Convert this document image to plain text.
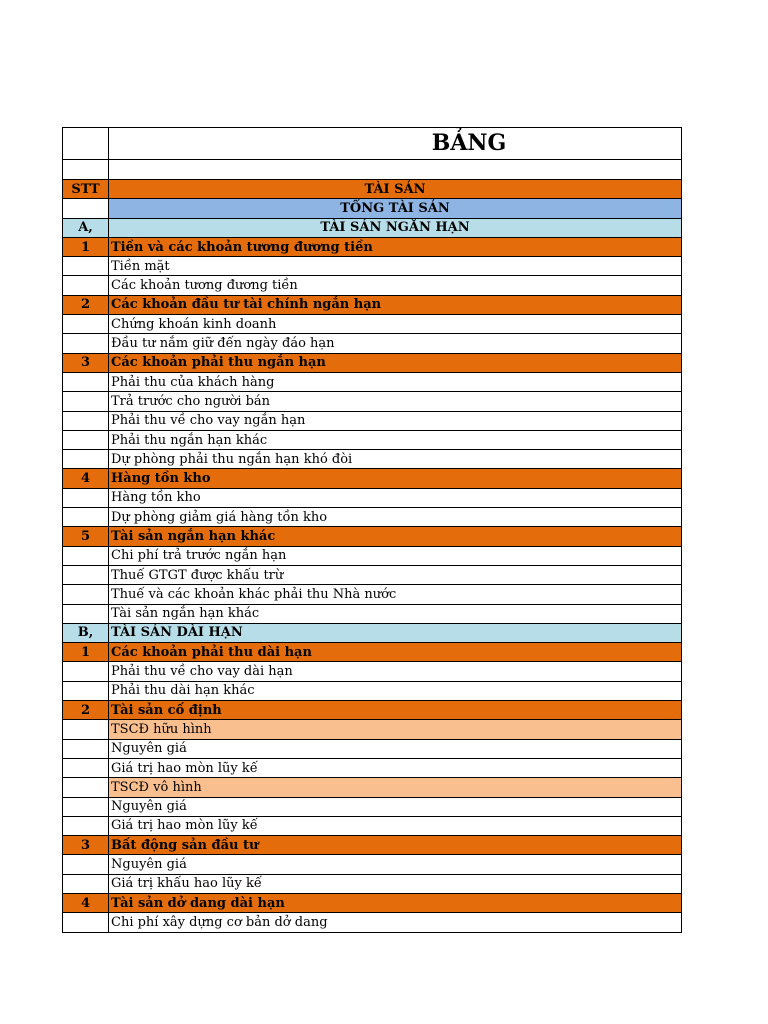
	BẢNG

STT	TÀI SẢN
	TỔNG TÀI SẢN
A,	TÀI SẢN NGẮN HẠN
1	Tiền và các khoản tương đương tiền
	Tiền mặt
	Các khoản tương đương tiền
2	Các khoản đầu tư tài chính ngắn hạn
	Chứng khoán kinh doanh
	Đầu tư nắm giữ đến ngày đáo hạn
3	Các khoản phải thu ngắn hạn
	Phải thu của khách hàng
	Trả trước cho người bán
	Phải thu về cho vay ngắn hạn
	Phải thu ngắn hạn khác
	Dự phòng phải thu ngắn hạn khó đòi
4	Hàng tồn kho
	Hàng tồn kho
	Dự phòng giảm giá hàng tồn kho
5	Tài sản ngắn hạn khác
	Chi phí trả trước ngắn hạn
	Thuế GTGT được khấu trừ
	Thuế và các khoản khác phải thu Nhà nước
	Tài sản ngắn hạn khác
B,	TÀI SẢN DÀI HẠN
1	Các khoản phải thu dài hạn
	Phải thu về cho vay dài hạn
	Phải thu dài hạn khác
2	Tài sản cố định
	TSCĐ hữu hình
	Nguyên giá
	Giá trị hao mòn lũy kế
	TSCĐ vô hình
	Nguyên giá
	Giá trị hao mòn lũy kế
3	Bất động sản đầu tư
	Nguyên giá
	Giá trị khấu hao lũy kế
4	Tài sản dở dang dài hạn
	Chi phí xây dựng cơ bản dở dang
